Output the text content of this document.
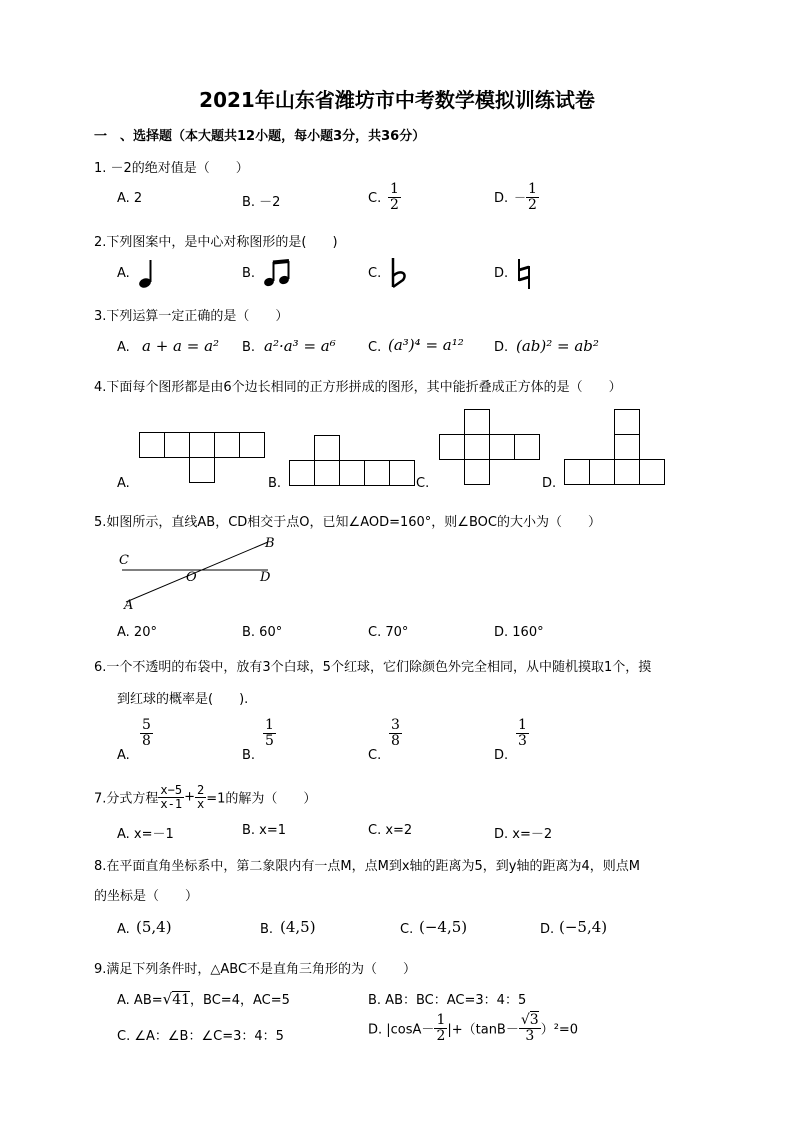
2021年山东省潍坊市中考数学模拟训练试卷
一　、选择题（本大题共12小题，每小题3分，共36分）
1. －2的绝对值是（　　）
A. 2	B. －2	C. $\frac{1}{2}$	D. － $\frac{1}{2}$
2.下列图案中，是中心对称图形的是(　　)
A.	B.	C.	D.
3.下列运算一定正确的是（　　）
A. a + a = a² B. a²·a³ = a⁶ C. (a³)⁴ = a¹² D. (ab)² = ab²
4.下面每个图形都是由6个边长相同的正方形拼成的图形，其中能折叠成正方体的是（　　）
A.	B.	C.	D.
5.如图所示，直线AB，CD相交于点O，已知∠AOD=160°，则∠BOC的大小为（　　）
C
B
O	D
A
A. 20°	B. 60°	C. 70°	D. 160°
6.一个不透明的布袋中，放有3个白球，5个红球，它们除颜色外完全相同，从中随机摸取1个，摸
到红球的概率是(　　).
A.
$\frac{5}{8}$
B.
$\frac{1}{5}$
C.
$\frac{3}{8}$
D.
$\frac{1}{3}$
7.分式方程 $\frac{x-5}{x-1} + \frac{2}{x} =1$的解为（　　）
A. x=－1	B. x=1	C. x=2	D. x=－2
8.在平面直角坐标系中，第二象限内有一点M，点M到x轴的距离为5，到y轴的距离为4，则点M
的坐标是（　　）
A. (5,4)	B. (4,5)	C. (−4,5)	D. (−5,4)
9.满足下列条件时，△ABC不是直角三角形的为（　　）
A. AB=√41，BC=4，AC=5	B. AB：BC：AC=3：4：5
C. ∠A：∠B：∠C=3：4：5	D. $|\cos A- \frac{1}{2} |+(\tan B- \frac{√3}{3} )^2=0$
